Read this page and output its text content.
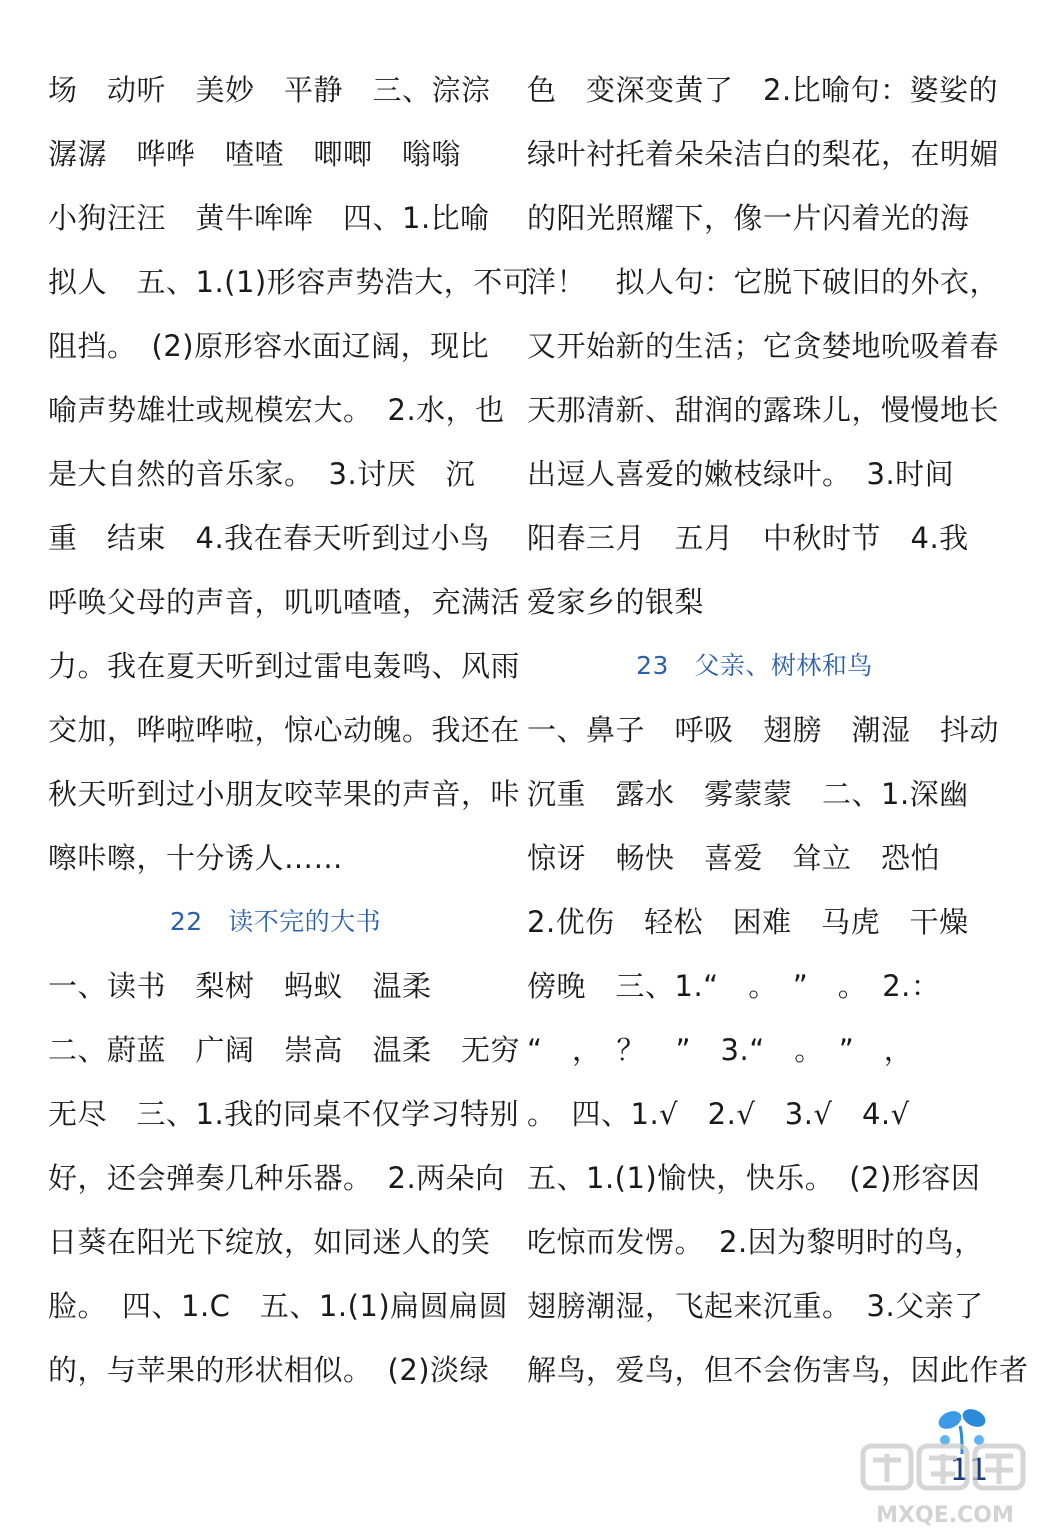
场　动听　美妙　平静　三、淙淙
潺潺　哗哗　喳喳　唧唧　嗡嗡
小狗汪汪　黄牛哞哞　四、1.比喻
拟人　五、1.(1)形容声势浩大，不可
阻挡。　(2)原形容水面辽阔，现比
喻声势雄壮或规模宏大。　2.水，也
是大自然的音乐家。　3.讨厌　沉
重　结束　4.我在春天听到过小鸟
呼唤父母的声音，叽叽喳喳，充满活
力。我在夏天听到过雷电轰鸣、风雨
交加，哗啦哗啦，惊心动魄。我还在
秋天听到过小朋友咬苹果的声音，咔
嚓咔嚓，十分诱人……
22　读不完的大书
一、读书　梨树　蚂蚁　温柔
二、蔚蓝　广阔　崇高　温柔　无穷
无尽　三、1.我的同桌不仅学习特别
好，还会弹奏几种乐器。　2.两朵向
日葵在阳光下绽放，如同迷人的笑
脸。　四、1.C　五、1.(1)扁圆扁圆
的，与苹果的形状相似。　(2)淡绿
色　变深变黄了　2.比喻句：婆娑的
绿叶衬托着朵朵洁白的梨花，在明媚
的阳光照耀下，像一片闪着光的海
洋！　拟人句：它脱下破旧的外衣，
又开始新的生活；它贪婪地吮吸着春
天那清新、甜润的露珠儿，慢慢地长
出逗人喜爱的嫩枝绿叶。　3.时间
阳春三月　五月　中秋时节　4.我
爱家乡的银梨
23　父亲、树林和鸟
一、鼻子　呼吸　翅膀　潮湿　抖动
沉重　露水　雾蒙蒙　二、1.深幽
惊讶　畅快　喜爱　耸立　恐怕
2.优伤　轻松　困难　马虎　干燥
傍晚　三、1.“　。　”　。　2.：
“　，　？　”　3.“　。　”　，
。　四、1.√　2.√　3.√　4.√
五、1.(1)愉快，快乐。　(2)形容因
吃惊而发愣。　2.因为黎明时的鸟，
翅膀潮湿，飞起来沉重。　3.父亲了
解鸟，爱鸟，但不会伤害鸟，因此作者
11
MXQE.COM
